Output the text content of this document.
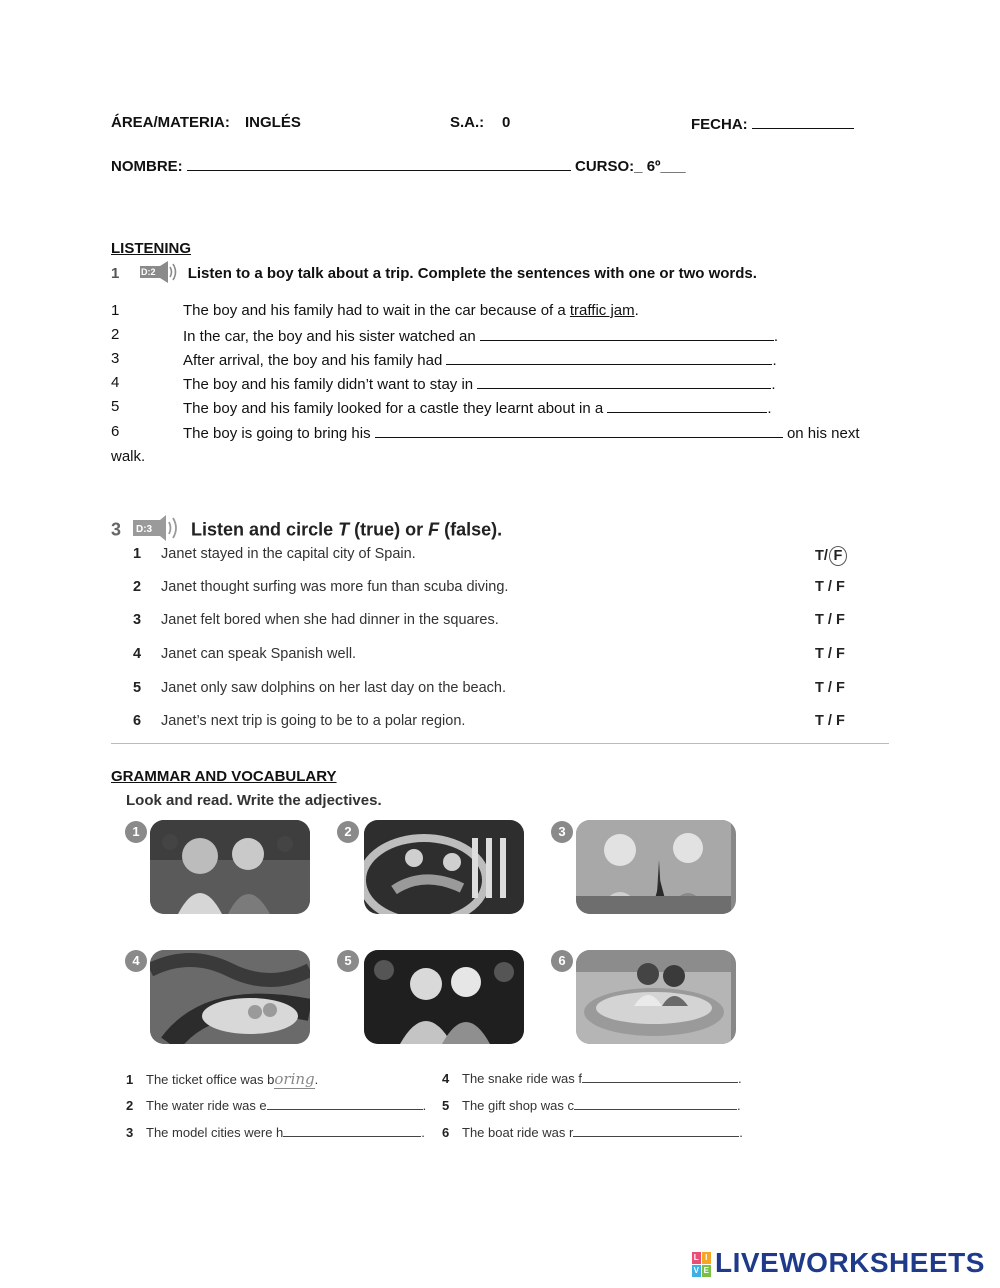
ÁREA/MATERIA: INGLÉS	S.A.: 0	FECHA:
NOMBRE:	CURSO:_ 6º___
LISTENING
1 D:2 Listen to a boy talk about a trip. Complete the sentences with one or two words.
1	The boy and his family had to wait in the car because of a traffic jam.
2	In the car, the boy and his sister watched an	.
3	After arrival, the boy and his family had	.
4	The boy and his family didn’t want to stay in	.
5	The boy and his family looked for a castle they learnt about in a	.
6	The boy is going to bring his	on his next
walk.
3 D:3 Listen and circle T (true) or F (false).
1 Janet stayed in the capital city of Spain.	T/ F
2 Janet thought surfing was more fun than scuba diving.	T / F
3 Janet felt bored when she had dinner in the squares.	T / F
4 Janet can speak Spanish well.	T / F
5 Janet only saw dolphins on her last day on the beach.	T / F
6 Janet’s next trip is going to be to a polar region.	T / F
GRAMMAR AND VOCABULARY
Look and read. Write the adjectives.
1	2	3
4	5	6
1 The ticket office was boring.
2 The water ride was e	.
3 The model cities were h	.
4 The snake ride was f	.
5 The gift shop was c	.
6 The boat ride was r	.
L I
V E LIVEWORKSHEETS
